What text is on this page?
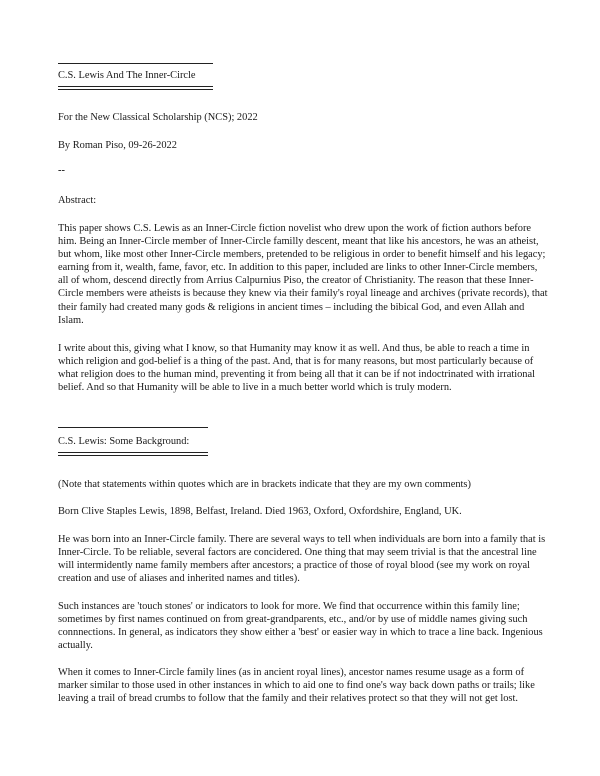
C.S. Lewis And The Inner-Circle
For the New Classical Scholarship (NCS); 2022
By Roman Piso, 09-26-2022
--
Abstract:

This paper shows C.S. Lewis as an Inner-Circle fiction novelist who drew upon the work of fiction authors before him. Being an Inner-Circle member of Inner-Circle familly descent, meant that like his ancestors, he was an atheist, but whom, like most other Inner-Circle members, pretended to be religious in order to benefit himself and his legacy; earning from it, wealth, fame, favor, etc. In addition to this paper, included are links to other Inner-Circle members, all of whom, descend directly from Arrius Calpurnius Piso, the creator of Christianity. The reason that these Inner-Circle members were atheists is because they knew via their family's royal lineage and archives (private records), that their family had created many gods & religions in ancient times – including the bibical God, and even Allah and Islam.

I write about this, giving what I know, so that Humanity may know it as well. And thus, be able to reach a time in which religion and god-belief is a thing of the past. And, that is for many reasons, but most particularly because of what religion does to the human mind, preventing it from being all that it can be if not indoctrinated with irrational belief. And so that Humanity will be able to live in a much better world which is truly modern.

C.S. Lewis: Some Background:

(Note that statements within quotes which are in brackets indicate that they are my own comments)

Born Clive Staples Lewis, 1898, Belfast, Ireland. Died 1963, Oxford, Oxfordshire, England, UK.

He was born into an Inner-Circle family. There are several ways to tell when individuals are born into a family that is Inner-Circle. To be reliable, several factors are concidered. One thing that may seem trivial is that the ancestral line will intermidently name family members after ancestors; a practice of those of royal blood (see my work on royal creation and use of aliases and inherited names and titles).

Such instances are 'touch stones' or indicators to look for more. We find that occurrence within this family line; sometimes by first names continued on from great-grandparents, etc., and/or by use of middle names giving such connnections. In general, as indicators they show either a 'best' or easier way in which to trace a line back. Ingenious actually.

When it comes to Inner-Circle family lines (as in ancient royal lines), ancestor names resume usage as a form of marker similar to those used in other instances in which to aid one to find one's way back down paths or trails; like leaving a trail of bread crumbs to follow that the family and their relatives protect so that they will not get lost.
